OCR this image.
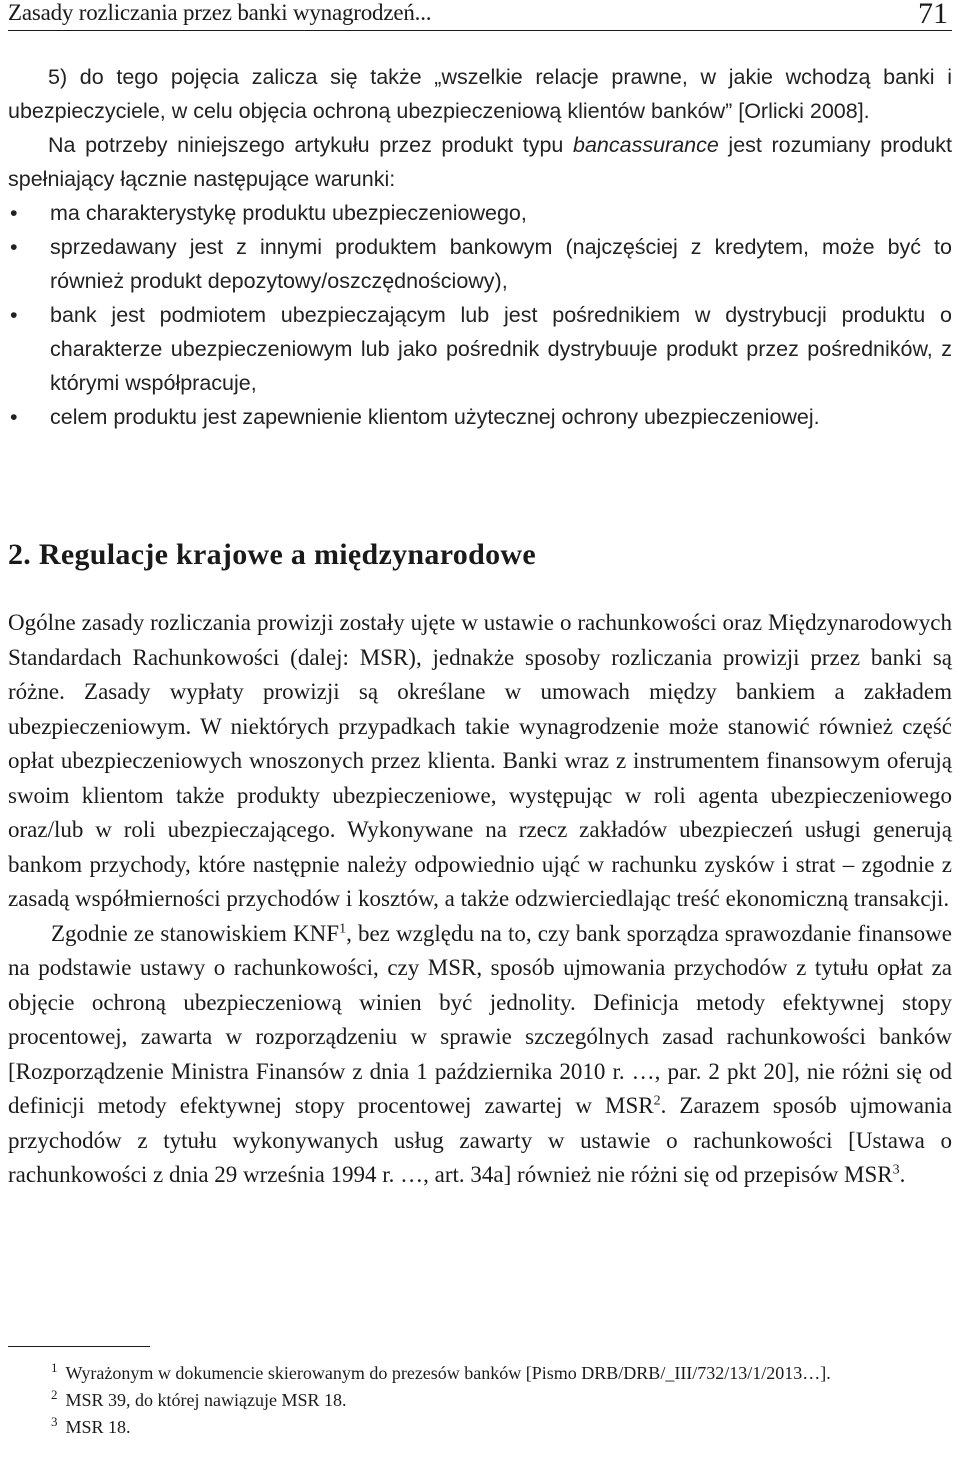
Zasady rozliczania przez banki wynagrodzeń...	71

5) do tego pojęcia zalicza się także „wszelkie relacje prawne, w jakie wchodzą banki i ubezpieczyciele, w celu objęcia ochroną ubezpieczeniową klientów banków” [Orlicki 2008].

Na potrzeby niniejszego artykułu przez produkt typu bancassurance jest rozumiany produkt spełniający łącznie następujące warunki:

• ma charakterystykę produktu ubezpieczeniowego,
• sprzedawany jest z innymi produktem bankowym (najczęściej z kredytem, może być to również produkt depozytowy/oszczędnościowy),
• bank jest podmiotem ubezpieczającym lub jest pośrednikiem w dystrybucji produktu o charakterze ubezpieczeniowym lub jako pośrednik dystrybuuje produkt przez pośredników, z którymi współpracuje,
• celem produktu jest zapewnienie klientom użytecznej ochrony ubezpieczeniowej.
2. Regulacje krajowe a międzynarodowe

Ogólne zasady rozliczania prowizji zostały ujęte w ustawie o rachunkowości oraz Międzynarodowych Standardach Rachunkowości (dalej: MSR), jednakże sposoby rozliczania prowizji przez banki są różne. Zasady wypłaty prowizji są określane w umowach między bankiem a zakładem ubezpieczeniowym. W niektórych przypadkach takie wynagrodzenie może stanowić również część opłat ubezpieczeniowych wnoszonych przez klienta. Banki wraz z instrumentem finansowym oferują swoim klientom także produkty ubezpieczeniowe, występując w roli agenta ubezpieczeniowego oraz/lub w roli ubezpieczającego. Wykonywane na rzecz zakładów ubezpieczeń usługi generują bankom przychody, które następnie należy odpowiednio ująć w rachunku zysków i strat – zgodnie z zasadą współmierności przychodów i kosztów, a także odzwierciedlając treść ekonomiczną transakcji.

Zgodnie ze stanowiskiem KNF$^1$, bez względu na to, czy bank sporządza sprawozdanie finansowe na podstawie ustawy o rachunkowości, czy MSR, sposób ujmowania przychodów z tytułu opłat za objęcie ochroną ubezpieczeniową winien być jednolity. Definicja metody efektywnej stopy procentowej, zawarta w rozporządzeniu w sprawie szczególnych zasad rachunkowości banków [Rozporządzenie Ministra Finansów z dnia 1 października 2010 r. …, par. 2 pkt 20], nie różni się od definicji metody efektywnej stopy procentowej zawartej w MSR$^2$. Zarazem sposób ujmowania przychodów z tytułu wykonywanych usług zawarty w ustawie o rachunkowości [Ustawa o rachunkowości z dnia 29 września 1994 r. …, art. 34a] również nie różni się od przepisów MSR$^3$.

$^1$ Wyrażonym w dokumencie skierowanym do prezesów banków [Pismo DRB/DRB/_III/732/13/1/2013…].

$^2$ MSR 39, do której nawiązuje MSR 18.

$^3$ MSR 18.
